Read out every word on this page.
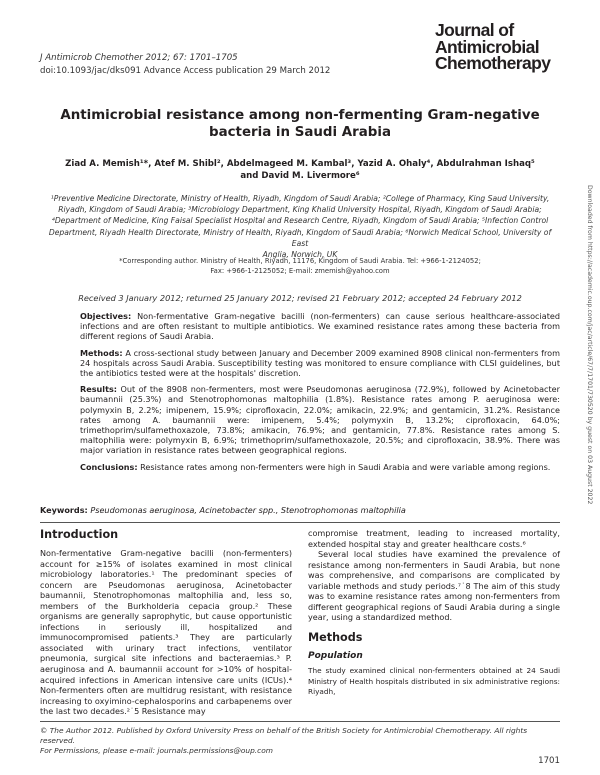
J Antimicrob Chemother 2012; 67: 1701–1705
doi:10.1093/jac/dks091 Advance Access publication 29 March 2012
Journal of
Antimicrobial
Chemotherapy
Antimicrobial resistance among non-fermenting Gram-negative
bacteria in Saudi Arabia
Ziad A. Memish¹*, Atef M. Shibl², Abdelmageed M. Kambal³, Yazid A. Ohaly⁴, Abdulrahman Ishaq⁵
and David M. Livermore⁶
¹Preventive Medicine Directorate, Ministry of Health, Riyadh, Kingdom of Saudi Arabia; ²College of Pharmacy, King Saud University,
Riyadh, Kingdom of Saudi Arabia; ³Microbiology Department, King Khalid University Hospital, Riyadh, Kingdom of Saudi Arabia;
⁴Department of Medicine, King Faisal Specialist Hospital and Research Centre, Riyadh, Kingdom of Saudi Arabia; ⁵Infection Control
Department, Riyadh Health Directorate, Ministry of Health, Riyadh, Kingdom of Saudi Arabia; ⁶Norwich Medical School, University of East
Anglia, Norwich, UK
*Corresponding author. Ministry of Health, Riyadh, 11176, Kingdom of Saudi Arabia. Tel: +966-1-2124052;
Fax: +966-1-2125052; E-mail: zmemish@yahoo.com
Received 3 January 2012; returned 25 January 2012; revised 21 February 2012; accepted 24 February 2012

Objectives: Non-fermentative Gram-negative bacilli (non-fermenters) can cause serious healthcare-associated infections and are often resistant to multiple antibiotics. We examined resistance rates among these bacteria from different regions of Saudi Arabia.

Methods: A cross-sectional study between January and December 2009 examined 8908 clinical non-fermenters from 24 hospitals across Saudi Arabia. Susceptibility testing was monitored to ensure compliance with CLSI guidelines, but the antibiotics tested were at the hospitals' discretion.

Results: Out of the 8908 non-fermenters, most were Pseudomonas aeruginosa (72.9%), followed by Acinetobacter baumannii (25.3%) and Stenotrophomonas maltophilia (1.8%). Resistance rates among P. aeruginosa were: polymyxin B, 2.2%; imipenem, 15.9%; ciprofloxacin, 22.0%; amikacin, 22.9%; and gentamicin, 31.2%. Resistance rates among A. baumannii were: imipenem, 5.4%; polymyxin B, 13.2%; ciprofloxacin, 64.0%; trimethoprim/sulfamethoxazole, 73.8%; amikacin, 76.9%; and gentamicin, 77.8%. Resistance rates among S. maltophilia were: polymyxin B, 6.9%; trimethoprim/sulfamethoxazole, 20.5%; and ciprofloxacin, 38.9%. There was major variation in resistance rates between geographical regions.

Conclusions: Resistance rates among non-fermenters were high in Saudi Arabia and were variable among regions.

Keywords: Pseudomonas aeruginosa, Acinetobacter spp., Stenotrophomonas maltophilia
Introduction

Non-fermentative Gram-negative bacilli (non-fermenters) account for ≥15% of isolates examined in most clinical microbiology laboratories.¹ The predominant species of concern are Pseudomonas aeruginosa, Acinetobacter baumannii, Stenotrophomonas maltophilia and, less so, members of the Burkholderia cepacia group.² These organisms are generally saprophytic, but cause opportunistic infections in seriously ill, hospitalized and immunocompromised patients.³ They are particularly associated with urinary tract infections, ventilator pneumonia, surgical site infections and bacteraemias.³ P. aeruginosa and A. baumannii account for >10% of hospital-acquired infections in American intensive care units (ICUs).⁴ Non-fermenters often are multidrug resistant, with resistance increasing to oxyimino-cephalosporins and carbapenems over the last two decades.²˙5 Resistance may

compromise treatment, leading to increased mortality, extended hospital stay and greater healthcare costs.⁶

Several local studies have examined the prevalence of resistance among non-fermenters in Saudi Arabia, but none was comprehensive, and comparisons are complicated by variable methods and study periods.⁷˙8 The aim of this study was to examine resistance rates among non-fermenters from different geographical regions of Saudi Arabia during a single year, using a standardized method.

Methods
Population

The study examined clinical non-fermenters obtained at 24 Saudi Ministry of Health hospitals distributed in six administrative regions: Riyadh,

© The Author 2012. Published by Oxford University Press on behalf of the British Society for Antimicrobial Chemotherapy. All rights reserved.
For Permissions, please e-mail: journals.permissions@oup.com
1701
Downloaded from https://academic.oup.com/jac/article/67/7/1701/730520 by guest on 03 August 2022
